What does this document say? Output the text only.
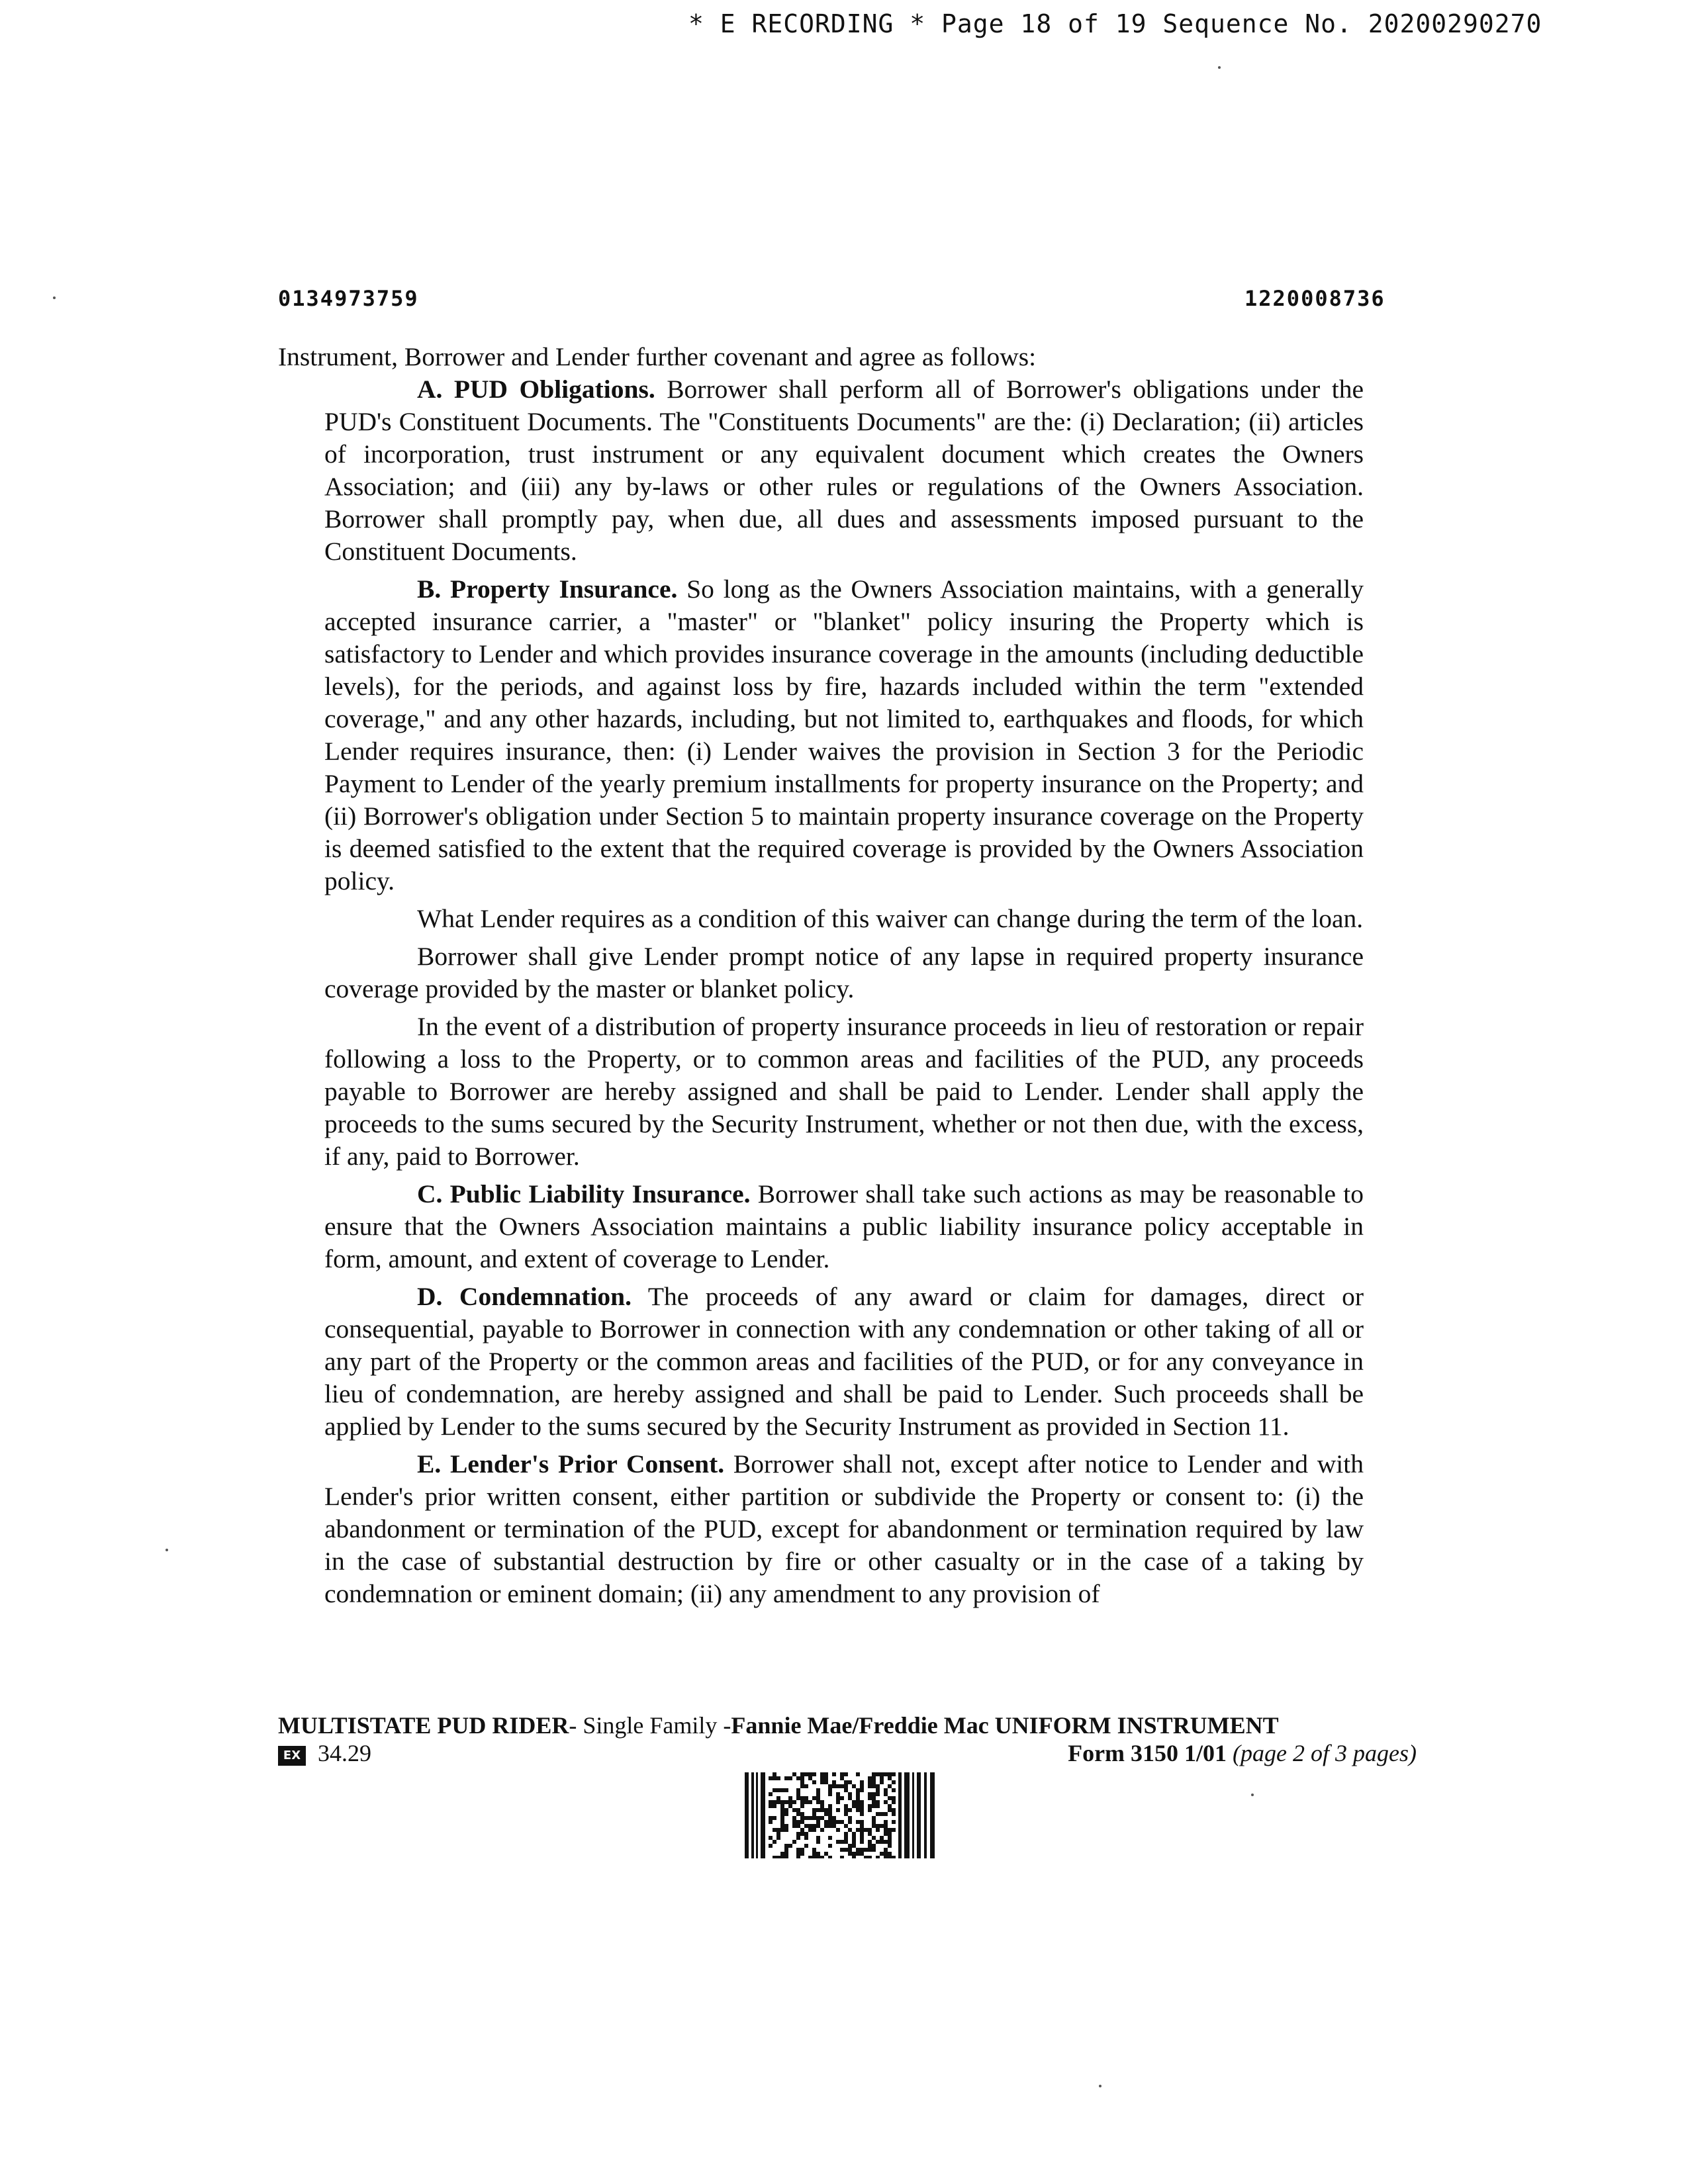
* E RECORDING * Page 18 of 19 Sequence No. 20200290270
0134973759	1220008736

Instrument, Borrower and Lender further covenant and agree as follows:

A. PUD Obligations. Borrower shall perform all of Borrower's obligations under the PUD's Constituent Documents. The "Constituents Documents" are the: (i) Declaration; (ii) articles of incorporation, trust instrument or any equivalent document which creates the Owners Association; and (iii) any by-laws or other rules or regulations of the Owners Association. Borrower shall promptly pay, when due, all dues and assessments imposed pursuant to the Constituent Documents.

B. Property Insurance. So long as the Owners Association maintains, with a generally accepted insurance carrier, a "master" or "blanket" policy insuring the Property which is satisfactory to Lender and which provides insurance coverage in the amounts (including deductible levels), for the periods, and against loss by fire, hazards included within the term "extended coverage," and any other hazards, including, but not limited to, earthquakes and floods, for which Lender requires insurance, then: (i) Lender waives the provision in Section 3 for the Periodic Payment to Lender of the yearly premium installments for property insurance on the Property; and (ii) Borrower's obligation under Section 5 to maintain property insurance coverage on the Property is deemed satisfied to the extent that the required coverage is provided by the Owners Association policy.

What Lender requires as a condition of this waiver can change during the term of the loan.

Borrower shall give Lender prompt notice of any lapse in required property insurance coverage provided by the master or blanket policy.

In the event of a distribution of property insurance proceeds in lieu of restoration or repair following a loss to the Property, or to common areas and facilities of the PUD, any proceeds payable to Borrower are hereby assigned and shall be paid to Lender. Lender shall apply the proceeds to the sums secured by the Security Instrument, whether or not then due, with the excess, if any, paid to Borrower.

C. Public Liability Insurance. Borrower shall take such actions as may be reasonable to ensure that the Owners Association maintains a public liability insurance policy acceptable in form, amount, and extent of coverage to Lender.

D. Condemnation. The proceeds of any award or claim for damages, direct or consequential, payable to Borrower in connection with any condemnation or other taking of all or any part of the Property or the common areas and facilities of the PUD, or for any conveyance in lieu of condemnation, are hereby assigned and shall be paid to Lender. Such proceeds shall be applied by Lender to the sums secured by the Security Instrument as provided in Section 11.

E. Lender's Prior Consent. Borrower shall not, except after notice to Lender and with Lender's prior written consent, either partition or subdivide the Property or consent to: (i) the abandonment or termination of the PUD, except for abandonment or termination required by law in the case of substantial destruction by fire or other casualty or in the case of a taking by condemnation or eminent domain; (ii) any amendment to any provision of

MULTISTATE PUD RIDER- Single Family -Fannie Mae/Freddie Mac UNIFORM INSTRUMENT
EX 34.29	Form 3150 1/01 (page 2 of 3 pages)
